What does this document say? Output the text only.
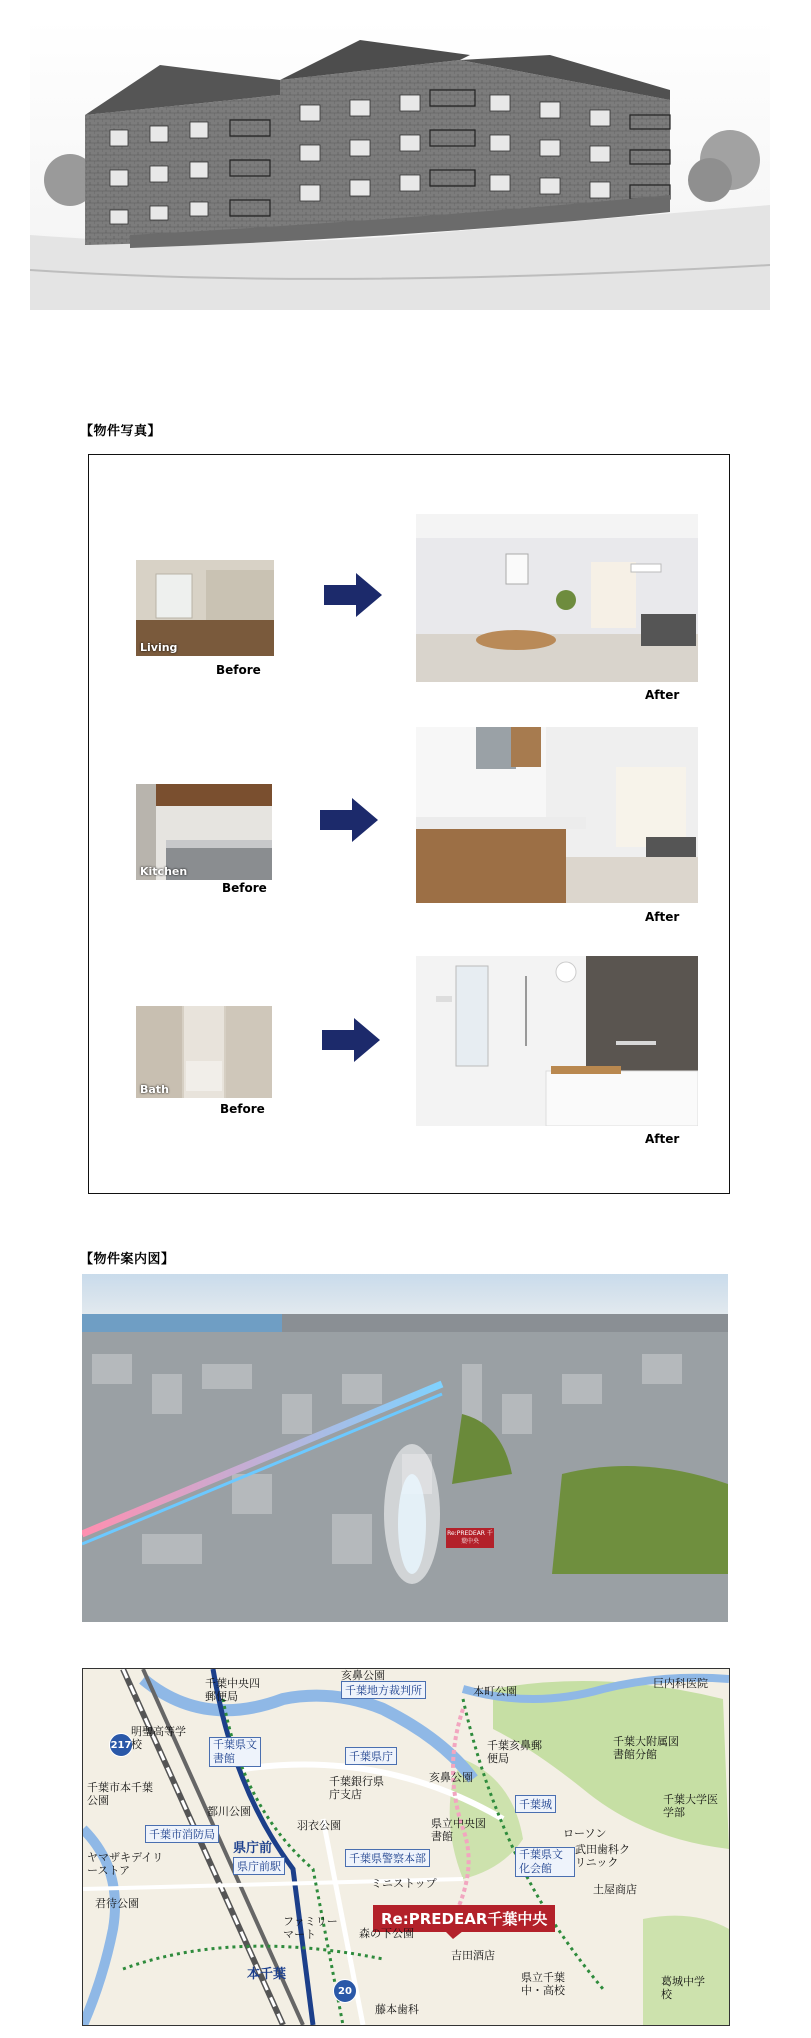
【物件写真】
Living
Before
After
Kitchen
Before
After
Bath
Before
After
【物件案内図】
Re:PREDEAR 千葉中央
Re:PREDEAR千葉中央
217
20
県庁前
本千葉
千葉地方裁判所
千葉県文書館	千葉県庁
千葉城
千葉市消防局
県庁前駅
千葉県警察本部	千葉県文化会館
千葉中央四郵便局
明聖高等学校
千葉市本千葉公園
ヤマザキデイリーストア
君待公園
千葉銀行県庁支店
羽衣公園
都川公園
亥鼻公園
千葉亥鼻郵便局
県立中央図書館	ローソン
武田歯科クリニック
土屋商店
ミニストップ
ファミリーマート	森の下公園
吉田酒店
県立千葉中・高校
藤本歯科
葛城中学校
巨内科医院
本町公園
千葉大附属図書館分館
千葉大学医学部
亥鼻公園
